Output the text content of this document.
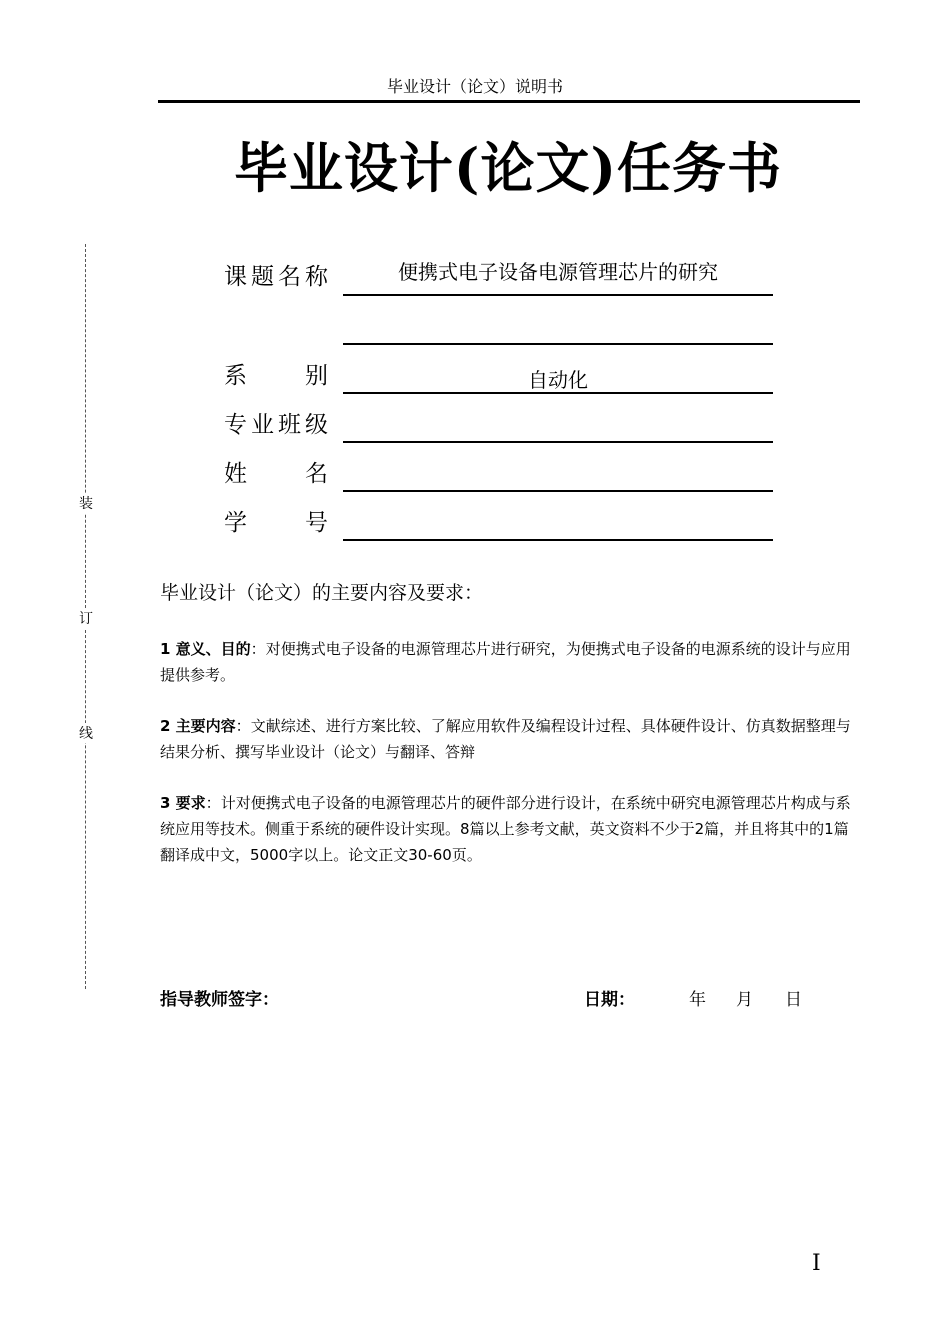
毕业设计（论文）说明书
毕业设计(论文)任务书
装
订
线
课 题 名 称	便携式电子设备电源管理芯片的研究
系	别	自动化
专 业 班 级
姓	名
学	号
毕业设计（论文）的主要内容及要求：
1 意义、目的：对便携式电子设备的电源管理芯片进行研究，为便携式电子设备的电源系统的设计与应用提供参考。
2 主要内容：文献综述、进行方案比较、了解应用软件及编程设计过程、具体硬件设计、仿真数据整理与结果分析、撰写毕业设计（论文）与翻译、答辩
3 要求：计对便携式电子设备的电源管理芯片的硬件部分进行设计，在系统中研究电源管理芯片构成与系统应用等技术。侧重于系统的硬件设计实现。8篇以上参考文献，英文资料不少于2篇，并且将其中的1篇翻译成中文，5000字以上。论文正文30-60页。
指导教师签字：	日期：	年 月 日
I
